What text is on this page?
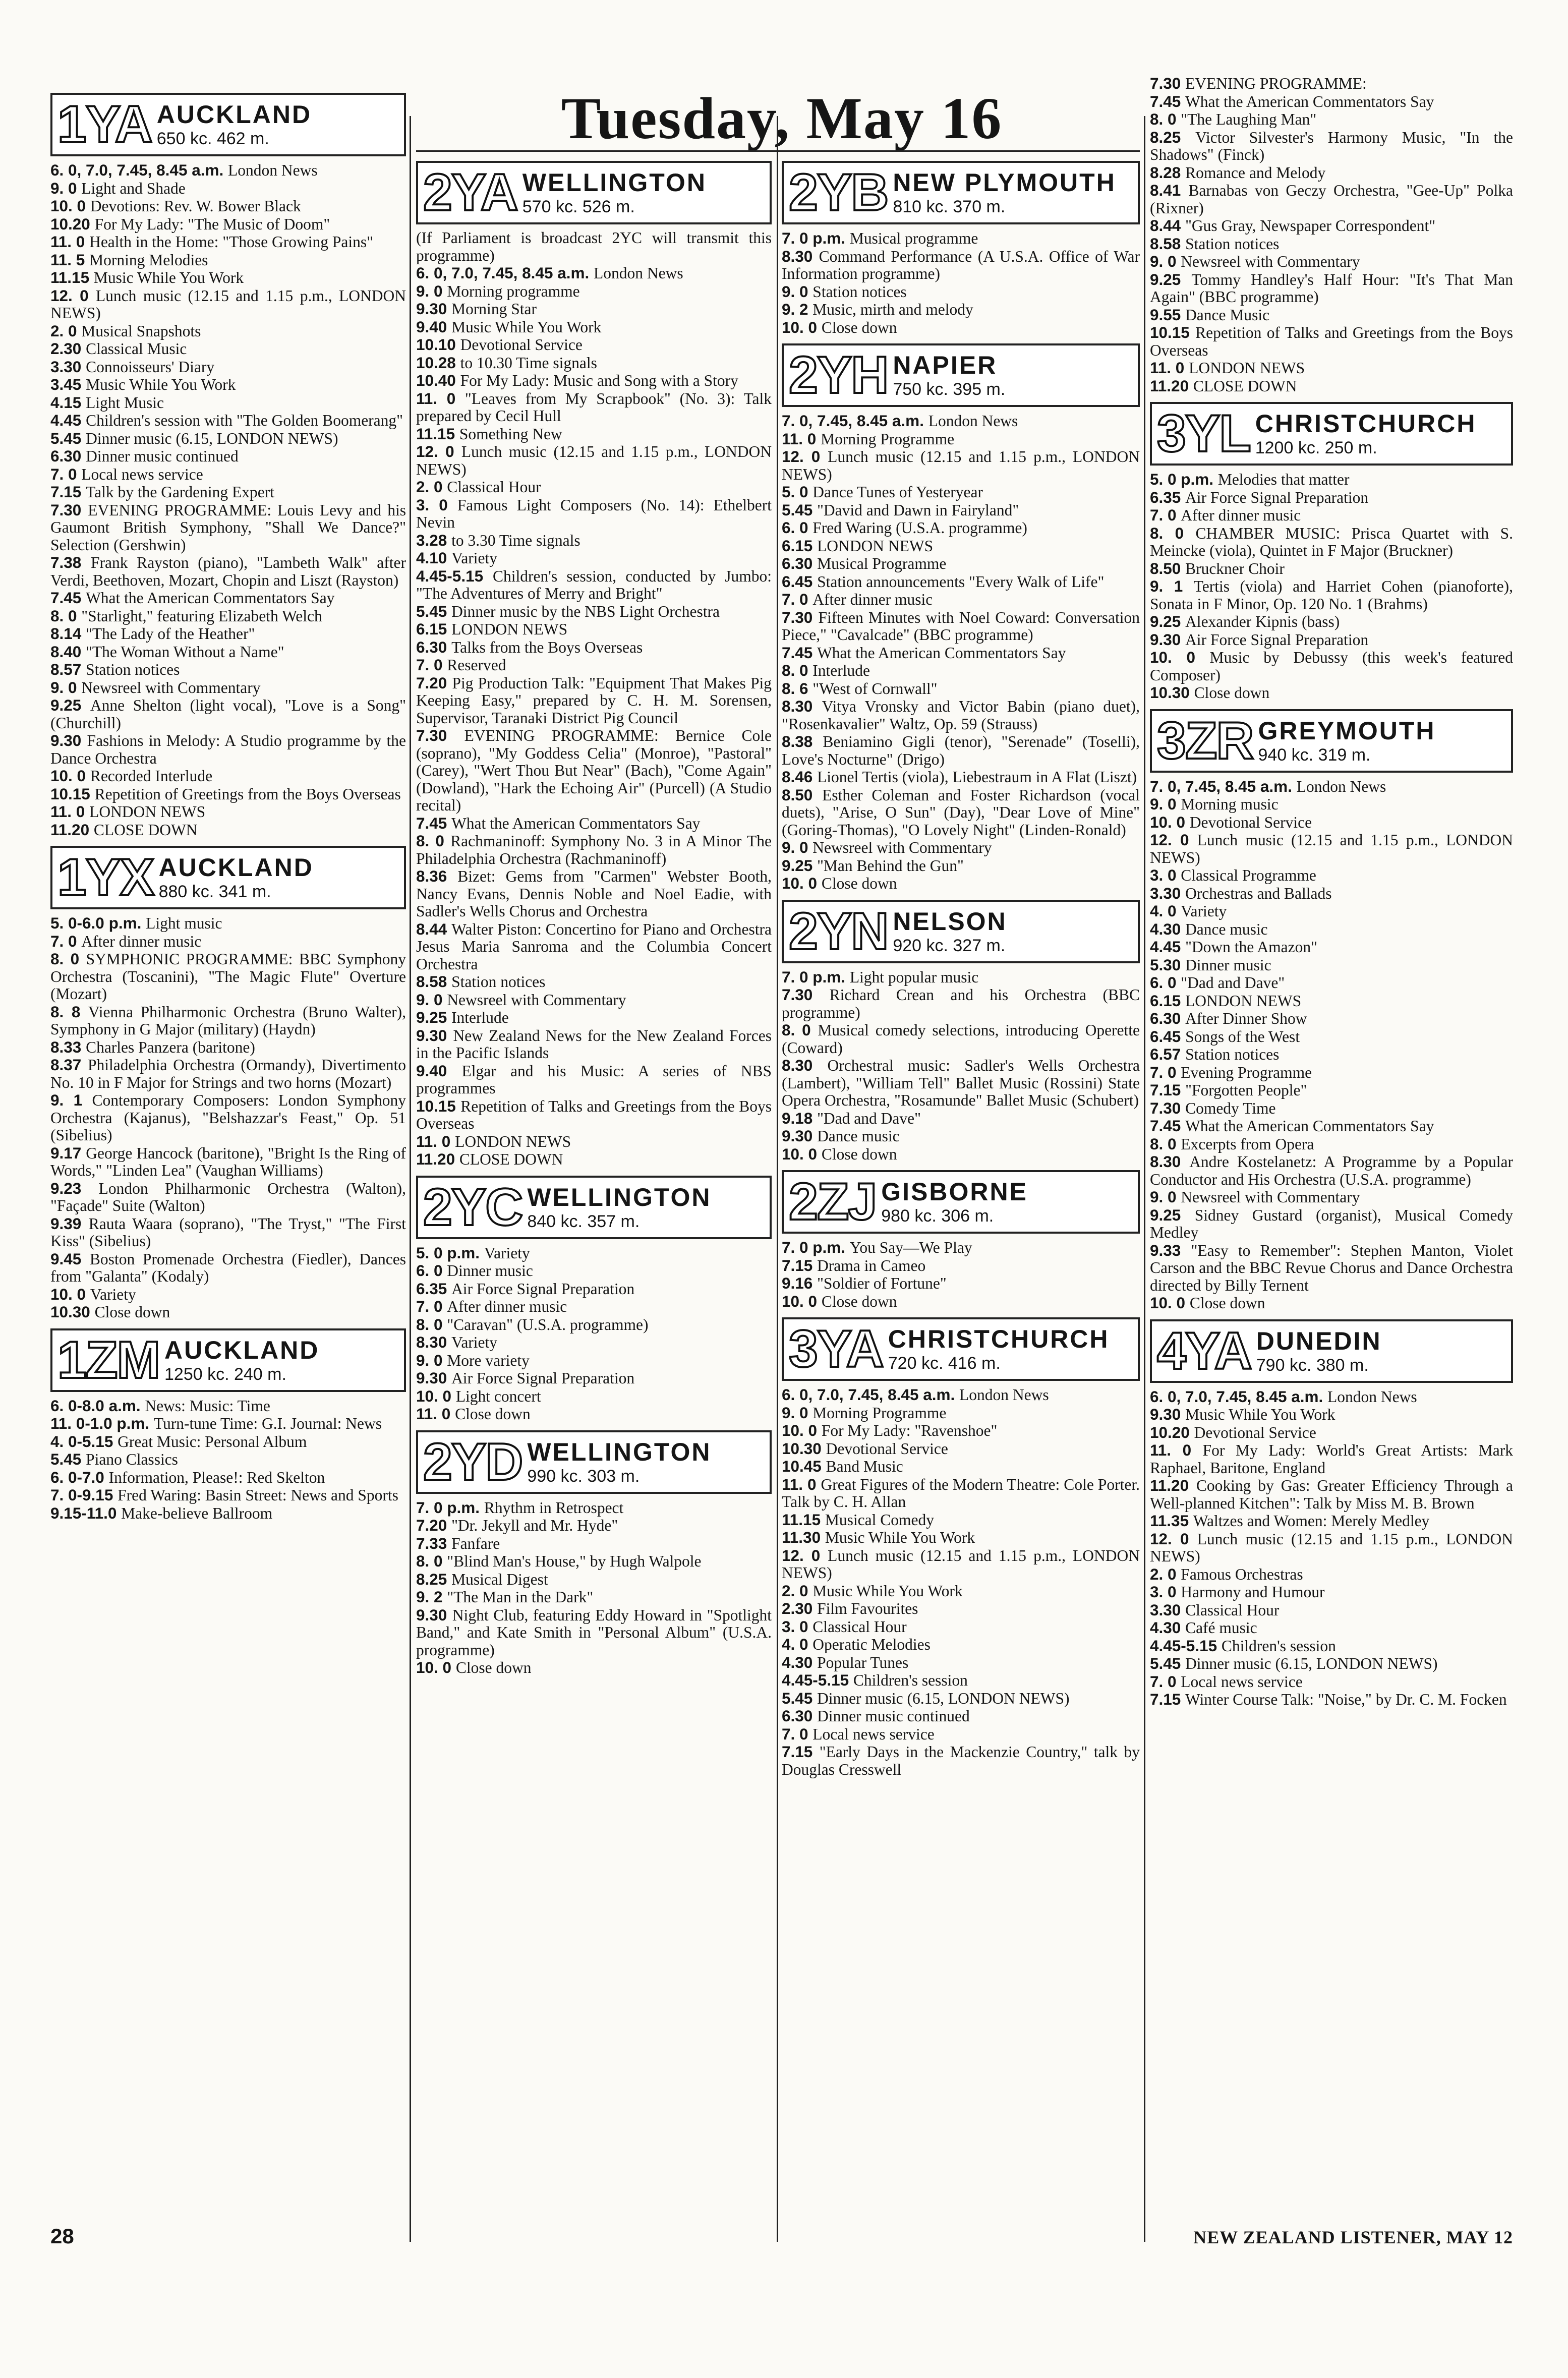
Tuesday, May 16
1YA AUCKLAND
650 kc. 462 m.

6. 0, 7.0, 7.45, 8.45 a.m. London News

9. 0 Light and Shade

10. 0 Devotions: Rev. W. Bower Black

10.20 For My Lady: "The Music of Doom"

11. 0 Health in the Home: "Those Growing Pains"

11. 5 Morning Melodies

11.15 Music While You Work

12. 0 Lunch music (12.15 and 1.15 p.m., LONDON NEWS)

2. 0 Musical Snapshots

2.30 Classical Music

3.30 Connoisseurs' Diary

3.45 Music While You Work

4.15 Light Music

4.45 Children's session with "The Golden Boomerang"

5.45 Dinner music (6.15, LONDON NEWS)

6.30 Dinner music continued

7. 0 Local news service

7.15 Talk by the Gardening Expert

7.30 EVENING PROGRAMME: Louis Levy and his Gaumont British Symphony, "Shall We Dance?" Selection (Gershwin)

7.38 Frank Rayston (piano), "Lambeth Walk" after Verdi, Beethoven, Mozart, Chopin and Liszt (Rayston)

7.45 What the American Commentators Say

8. 0 "Starlight," featuring Elizabeth Welch

8.14 "The Lady of the Heather"

8.40 "The Woman Without a Name"

8.57 Station notices

9. 0 Newsreel with Commentary

9.25 Anne Shelton (light vocal), "Love is a Song" (Churchill)

9.30 Fashions in Melody: A Studio programme by the Dance Orchestra

10. 0 Recorded Interlude

10.15 Repetition of Greetings from the Boys Overseas

11. 0 LONDON NEWS

11.20 CLOSE DOWN

1YX AUCKLAND
880 kc. 341 m.

5. 0-6.0 p.m. Light music

7. 0 After dinner music

8. 0 SYMPHONIC PROGRAMME: BBC Symphony Orchestra (Toscanini), "The Magic Flute" Overture (Mozart)

8. 8 Vienna Philharmonic Orchestra (Bruno Walter), Symphony in G Major (military) (Haydn)

8.33 Charles Panzera (baritone)

8.37 Philadelphia Orchestra (Ormandy), Divertimento No. 10 in F Major for Strings and two horns (Mozart)

9. 1 Contemporary Composers: London Symphony Orchestra (Kajanus), "Belshazzar's Feast," Op. 51 (Sibelius)

9.17 George Hancock (baritone), "Bright Is the Ring of Words," "Linden Lea" (Vaughan Williams)

9.23 London Philharmonic Orchestra (Walton), "Façade" Suite (Walton)

9.39 Rauta Waara (soprano), "The Tryst," "The First Kiss" (Sibelius)

9.45 Boston Promenade Orchestra (Fiedler), Dances from "Galanta" (Kodaly)

10. 0 Variety

10.30 Close down

1ZM AUCKLAND
1250 kc. 240 m.

6. 0-8.0 a.m. News: Music: Time

11. 0-1.0 p.m. Turn-tune Time: G.I. Journal: News

4. 0-5.15 Great Music: Personal Album

5.45 Piano Classics

6. 0-7.0 Information, Please!: Red Skelton

7. 0-9.15 Fred Waring: Basin Street: News and Sports

9.15-11.0 Make-believe Ballroom

2YA WELLINGTON
570 kc. 526 m.

(If Parliament is broadcast 2YC will transmit this programme)

6. 0, 7.0, 7.45, 8.45 a.m. London News

9. 0 Morning programme

9.30 Morning Star

9.40 Music While You Work

10.10 Devotional Service

10.28 to 10.30 Time signals

10.40 For My Lady: Music and Song with a Story

11. 0 "Leaves from My Scrapbook" (No. 3): Talk prepared by Cecil Hull

11.15 Something New

12. 0 Lunch music (12.15 and 1.15 p.m., LONDON NEWS)

2. 0 Classical Hour

3. 0 Famous Light Composers (No. 14): Ethelbert Nevin

3.28 to 3.30 Time signals

4.10 Variety

4.45-5.15 Children's session, conducted by Jumbo: "The Adventures of Merry and Bright"

5.45 Dinner music by the NBS Light Orchestra

6.15 LONDON NEWS

6.30 Talks from the Boys Overseas

7. 0 Reserved

7.20 Pig Production Talk: "Equipment That Makes Pig Keeping Easy," prepared by C. H. M. Sorensen, Supervisor, Taranaki District Pig Council

7.30 EVENING PROGRAMME: Bernice Cole (soprano), "My Goddess Celia" (Monroe), "Pastoral" (Carey), "Wert Thou But Near" (Bach), "Come Again" (Dowland), "Hark the Echoing Air" (Purcell) (A Studio recital)

7.45 What the American Commentators Say

8. 0 Rachmaninoff: Symphony No. 3 in A Minor The Philadelphia Orchestra (Rachmaninoff)

8.36 Bizet: Gems from "Carmen" Webster Booth, Nancy Evans, Dennis Noble and Noel Eadie, with Sadler's Wells Chorus and Orchestra

8.44 Walter Piston: Concertino for Piano and Orchestra Jesus Maria Sanroma and the Columbia Concert Orchestra

8.58 Station notices

9. 0 Newsreel with Commentary

9.25 Interlude

9.30 New Zealand News for the New Zealand Forces in the Pacific Islands

9.40 Elgar and his Music: A series of NBS programmes

10.15 Repetition of Talks and Greetings from the Boys Overseas

11. 0 LONDON NEWS

11.20 CLOSE DOWN

2YC WELLINGTON
840 kc. 357 m.

5. 0 p.m. Variety

6. 0 Dinner music

6.35 Air Force Signal Preparation

7. 0 After dinner music

8. 0 "Caravan" (U.S.A. programme)

8.30 Variety

9. 0 More variety

9.30 Air Force Signal Preparation

10. 0 Light concert

11. 0 Close down

2YD WELLINGTON
990 kc. 303 m.

7. 0 p.m. Rhythm in Retrospect

7.20 "Dr. Jekyll and Mr. Hyde"

7.33 Fanfare

8. 0 "Blind Man's House," by Hugh Walpole

8.25 Musical Digest

9. 2 "The Man in the Dark"

9.30 Night Club, featuring Eddy Howard in "Spotlight Band," and Kate Smith in "Personal Album" (U.S.A. programme)

10. 0 Close down

2YB NEW PLYMOUTH
810 kc. 370 m.

7. 0 p.m. Musical programme

8.30 Command Performance (A U.S.A. Office of War Information programme)

9. 0 Station notices

9. 2 Music, mirth and melody

10. 0 Close down

2YH NAPIER
750 kc. 395 m.

7. 0, 7.45, 8.45 a.m. London News

11. 0 Morning Programme

12. 0 Lunch music (12.15 and 1.15 p.m., LONDON NEWS)

5. 0 Dance Tunes of Yesteryear

5.45 "David and Dawn in Fairyland"

6. 0 Fred Waring (U.S.A. programme)

6.15 LONDON NEWS

6.30 Musical Programme

6.45 Station announcements "Every Walk of Life"

7. 0 After dinner music

7.30 Fifteen Minutes with Noel Coward: Conversation Piece," "Cavalcade" (BBC programme)

7.45 What the American Commentators Say

8. 0 Interlude

8. 6 "West of Cornwall"

8.30 Vitya Vronsky and Victor Babin (piano duet), "Rosenkavalier" Waltz, Op. 59 (Strauss)

8.38 Beniamino Gigli (tenor), "Serenade" (Toselli), Love's Nocturne" (Drigo)

8.46 Lionel Tertis (viola), Liebestraum in A Flat (Liszt)

8.50 Esther Coleman and Foster Richardson (vocal duets), "Arise, O Sun" (Day), "Dear Love of Mine" (Goring-Thomas), "O Lovely Night" (Linden-Ronald)

9. 0 Newsreel with Commentary

9.25 "Man Behind the Gun"

10. 0 Close down

2YN NELSON
920 kc. 327 m.

7. 0 p.m. Light popular music

7.30 Richard Crean and his Orchestra (BBC programme)

8. 0 Musical comedy selections, introducing Operette (Coward)

8.30 Orchestral music: Sadler's Wells Orchestra (Lambert), "William Tell" Ballet Music (Rossini) State Opera Orchestra, "Rosamunde" Ballet Music (Schubert)

9.18 "Dad and Dave"

9.30 Dance music

10. 0 Close down

2ZJ GISBORNE
980 kc. 306 m.

7. 0 p.m. You Say—We Play

7.15 Drama in Cameo

9.16 "Soldier of Fortune"

10. 0 Close down

3YA CHRISTCHURCH
720 kc. 416 m.

6. 0, 7.0, 7.45, 8.45 a.m. London News

9. 0 Morning Programme

10. 0 For My Lady: "Ravenshoe"

10.30 Devotional Service

10.45 Band Music

11. 0 Great Figures of the Modern Theatre: Cole Porter. Talk by C. H. Allan

11.15 Musical Comedy

11.30 Music While You Work

12. 0 Lunch music (12.15 and 1.15 p.m., LONDON NEWS)

2. 0 Music While You Work

2.30 Film Favourites

3. 0 Classical Hour

4. 0 Operatic Melodies

4.30 Popular Tunes

4.45-5.15 Children's session

5.45 Dinner music (6.15, LONDON NEWS)

6.30 Dinner music continued

7. 0 Local news service

7.15 "Early Days in the Mackenzie Country," talk by Douglas Cresswell

7.30 EVENING PROGRAMME:

7.45 What the American Commentators Say

8. 0 "The Laughing Man"

8.25 Victor Silvester's Harmony Music, "In the Shadows" (Finck)

8.28 Romance and Melody

8.41 Barnabas von Geczy Orchestra, "Gee-Up" Polka (Rixner)

8.44 "Gus Gray, Newspaper Correspondent"

8.58 Station notices

9. 0 Newsreel with Commentary

9.25 Tommy Handley's Half Hour: "It's That Man Again" (BBC programme)

9.55 Dance Music

10.15 Repetition of Talks and Greetings from the Boys Overseas

11. 0 LONDON NEWS

11.20 CLOSE DOWN

3YL CHRISTCHURCH
1200 kc. 250 m.

5. 0 p.m. Melodies that matter

6.35 Air Force Signal Preparation

7. 0 After dinner music

8. 0 CHAMBER MUSIC: Prisca Quartet with S. Meincke (viola), Quintet in F Major (Bruckner)

8.50 Bruckner Choir

9. 1 Tertis (viola) and Harriet Cohen (pianoforte), Sonata in F Minor, Op. 120 No. 1 (Brahms)

9.25 Alexander Kipnis (bass)

9.30 Air Force Signal Preparation

10. 0 Music by Debussy (this week's featured Composer)

10.30 Close down

3ZR GREYMOUTH
940 kc. 319 m.

7. 0, 7.45, 8.45 a.m. London News

9. 0 Morning music

10. 0 Devotional Service

12. 0 Lunch music (12.15 and 1.15 p.m., LONDON NEWS)

3. 0 Classical Programme

3.30 Orchestras and Ballads

4. 0 Variety

4.30 Dance music

4.45 "Down the Amazon"

5.30 Dinner music

6. 0 "Dad and Dave"

6.15 LONDON NEWS

6.30 After Dinner Show

6.45 Songs of the West

6.57 Station notices

7. 0 Evening Programme

7.15 "Forgotten People"

7.30 Comedy Time

7.45 What the American Commentators Say

8. 0 Excerpts from Opera

8.30 Andre Kostelanetz: A Programme by a Popular Conductor and His Orchestra (U.S.A. programme)

9. 0 Newsreel with Commentary

9.25 Sidney Gustard (organist), Musical Comedy Medley

9.33 "Easy to Remember": Stephen Manton, Violet Carson and the BBC Revue Chorus and Dance Orchestra directed by Billy Ternent

10. 0 Close down

4YA DUNEDIN
790 kc. 380 m.

6. 0, 7.0, 7.45, 8.45 a.m. London News

9.30 Music While You Work

10.20 Devotional Service

11. 0 For My Lady: World's Great Artists: Mark Raphael, Baritone, England

11.20 Cooking by Gas: Greater Efficiency Through a Well-planned Kitchen": Talk by Miss M. B. Brown

11.35 Waltzes and Women: Merely Medley

12. 0 Lunch music (12.15 and 1.15 p.m., LONDON NEWS)

2. 0 Famous Orchestras

3. 0 Harmony and Humour

3.30 Classical Hour

4.30 Café music

4.45-5.15 Children's session

5.45 Dinner music (6.15, LONDON NEWS)

7. 0 Local news service

7.15 Winter Course Talk: "Noise," by Dr. C. M. Focken

28	NEW ZEALAND LISTENER, MAY 12
